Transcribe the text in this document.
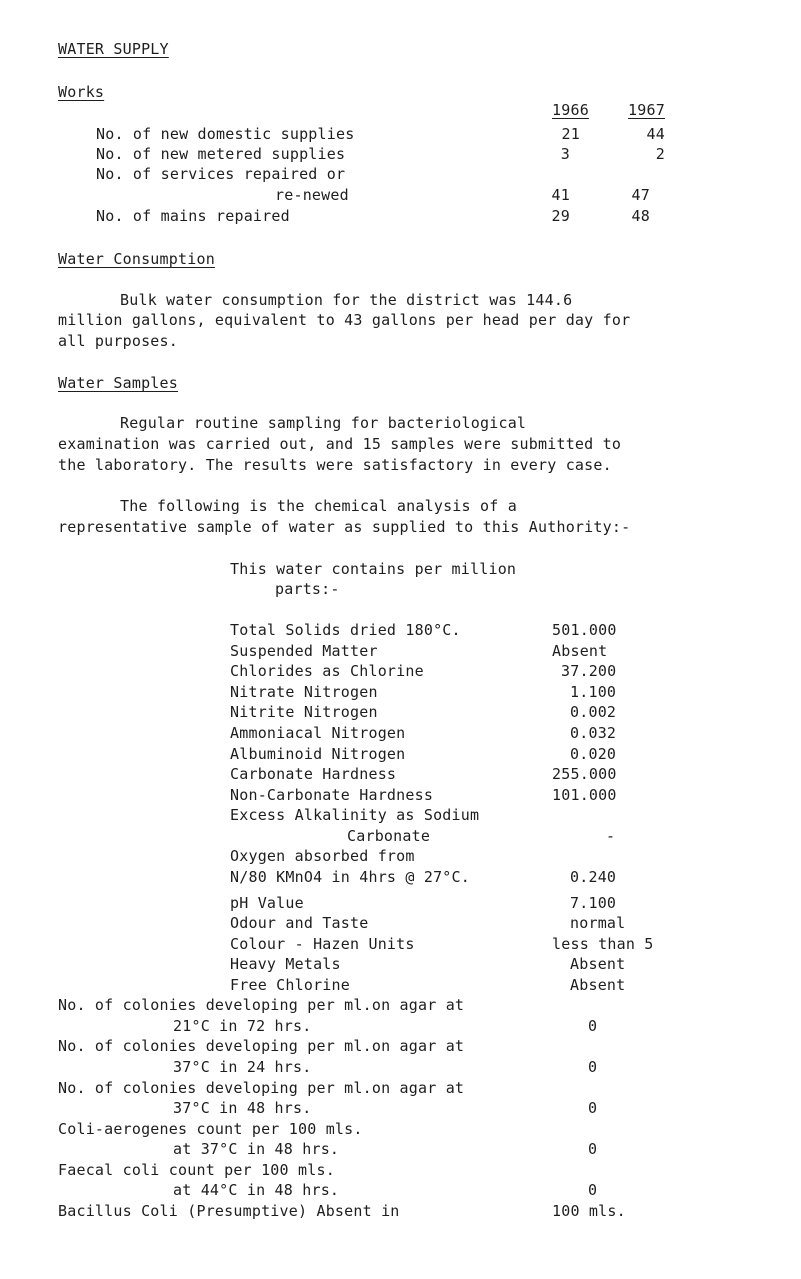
WATER SUPPLY
Works
1966	1967
No. of new domestic supplies	21	44
No. of new metered supplies	3	2
No. of services repaired or
re-newed	41	47
No. of mains repaired	29	48
Water Consumption
Bulk water consumption for the district was 144.6
million gallons, equivalent to 43 gallons per head per day for
all purposes.
Water Samples
Regular routine sampling for bacteriological
examination was carried out, and 15 samples were submitted to
the laboratory. The results were satisfactory in every case.
The following is the chemical analysis of a
representative sample of water as supplied to this Authority:-
This water contains per million
parts:-
Total Solids dried 180°C.	501.000
Suspended Matter	Absent
Chlorides as Chlorine	37.200
Nitrate Nitrogen	1.100
Nitrite Nitrogen	0.002
Ammoniacal Nitrogen	0.032
Albuminoid Nitrogen	0.020
Carbonate Hardness	255.000
Non-Carbonate Hardness	101.000
Excess Alkalinity as Sodium
Carbonate	-
Oxygen absorbed from
N/80 KMnO4 in 4hrs @ 27°C.	0.240
pH Value	7.100
Odour and Taste	normal
Colour - Hazen Units	less than 5
Heavy Metals	Absent
Free Chlorine	Absent
No. of colonies developing per ml.on agar at
21°C in 72 hrs.	0
No. of colonies developing per ml.on agar at
37°C in 24 hrs.	0
No. of colonies developing per ml.on agar at
37°C in 48 hrs.	0
Coli-aerogenes count per 100 mls.
at 37°C in 48 hrs.	0
Faecal coli count per 100 mls.
at 44°C in 48 hrs.	0
Bacillus Coli (Presumptive) Absent in	100 mls.
